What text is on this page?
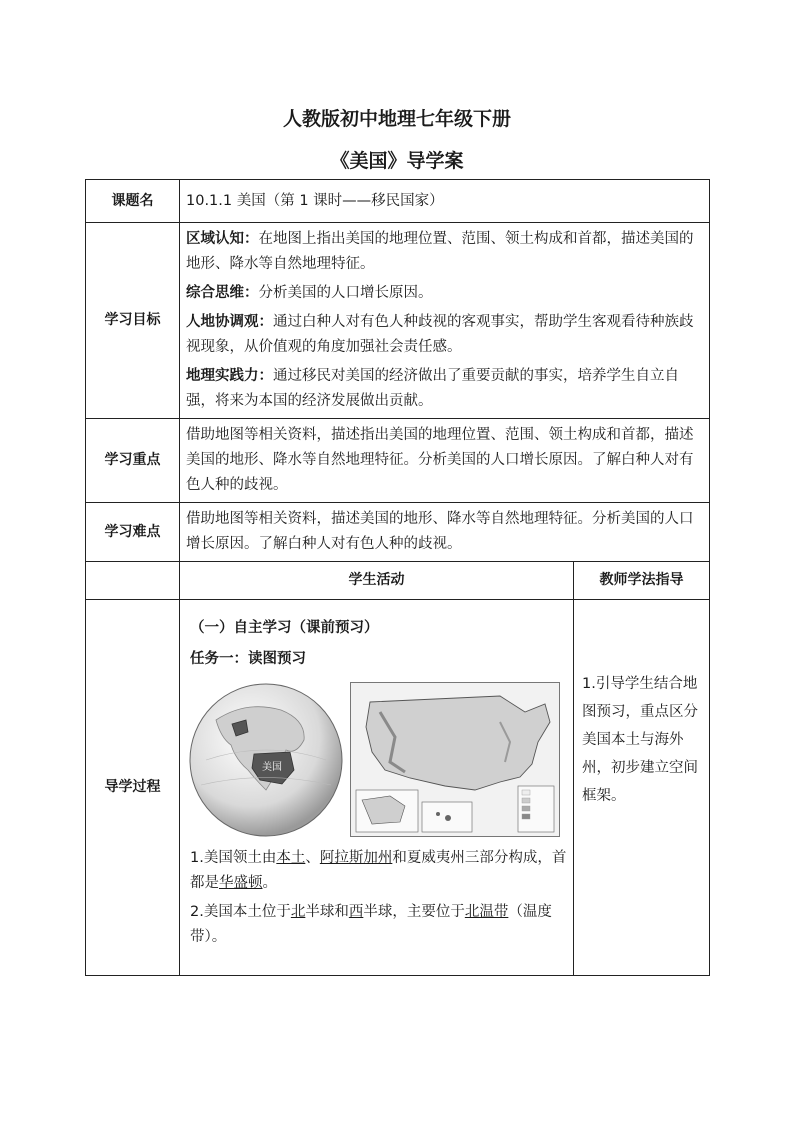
人教版初中地理七年级下册
《美国》导学案
课题名	10.1.1 美国（第 1 课时——移民国家）	
学习目标	区域认知：在地图上指出美国的地理位置、范围、领土构成和首都，描述美国的地形、降水等自然地理特征。

综合思维：分析美国的人口增长原因。

人地协调观：通过白种人对有色人种歧视的客观事实，帮助学生客观看待种族歧视现象，从价值观的角度加强社会责任感。

地理实践力：通过移民对美国的经济做出了重要贡献的事实，培养学生自立自强，将来为本国的经济发展做出贡献。	

学习重点	借助地图等相关资料，描述指出美国的地理位置、范围、领土构成和首都，描述美国的地形、降水等自然地理特征。分析美国的人口增长原因。了解白种人对有色人种的歧视。	
学习难点	借助地图等相关资料，描述美国的地形、降水等自然地理特征。分析美国的人口增长原因。了解白种人对有色人种的歧视。	
	学生活动	教师学法指导
导学过程	（一）自主学习（课前预习）
任务一：读图预习
美国

1.美国领土由本土、阿拉斯加州和夏威夷州三部分构成，首都是华盛顿。

2.美国本土位于北半球和西半球，主要位于北温带（温度带）。	1.引导学生结合地图预习，重点区分美国本土与海外州，初步建立空间框架。
